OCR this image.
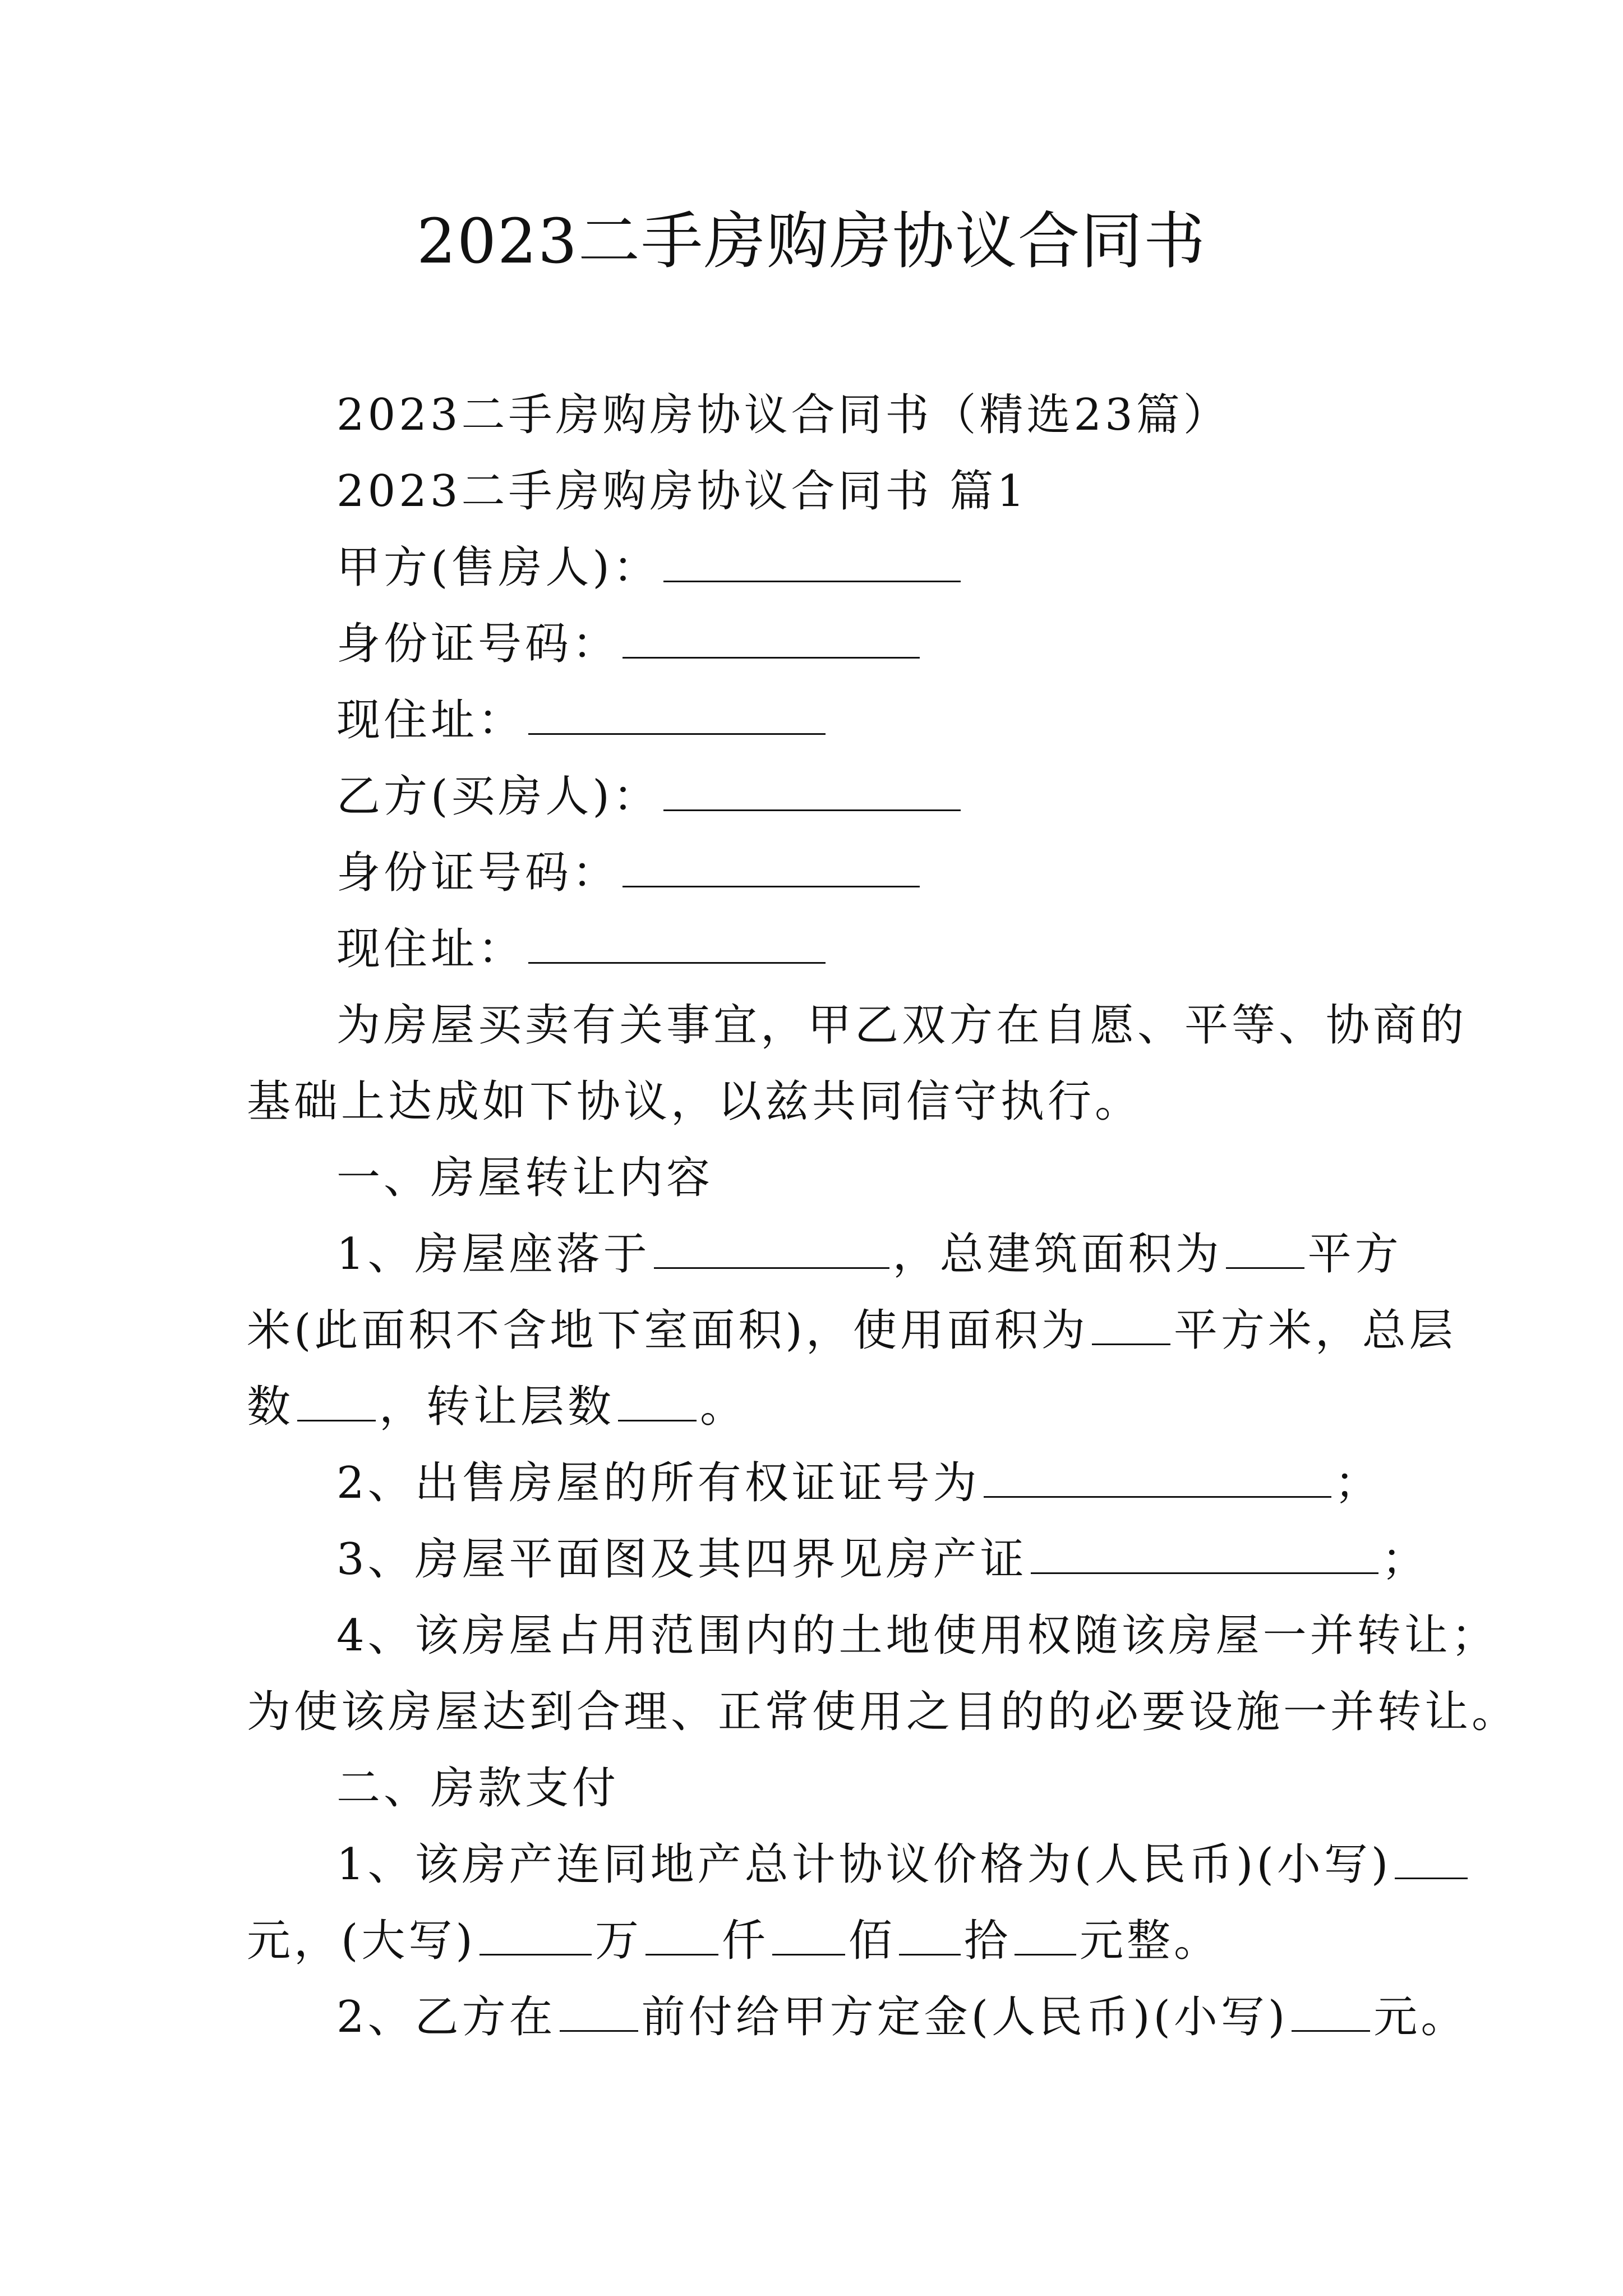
2023二手房购房协议合同书
2023二手房购房协议合同书（精选23篇）
2023二手房购房协议合同书 篇1
甲方(售房人)：
身份证号码：
现住址：
乙方(买房人)：
身份证号码：
现住址：
为房屋买卖有关事宜，甲乙双方在自愿、平等、协商的
基础上达成如下协议，以兹共同信守执行。
一、房屋转让内容
1、房屋座落于	，总建筑面积为 平方
米(此面积不含地下室面积)，使用面积为 平方米，总层
数 ，转让层数 。
2、出售房屋的所有权证证号为	；
3、房屋平面图及其四界见房产证	；
4、该房屋占用范围内的土地使用权随该房屋一并转让；
为使该房屋达到合理、正常使用之目的的必要设施一并转让。
二、房款支付
1、该房产连同地产总计协议价格为(人民币)(小写)
元，(大写)	万 仟 佰 拾 元整。
2、乙方在 前付给甲方定金(人民币)(小写) 元。
